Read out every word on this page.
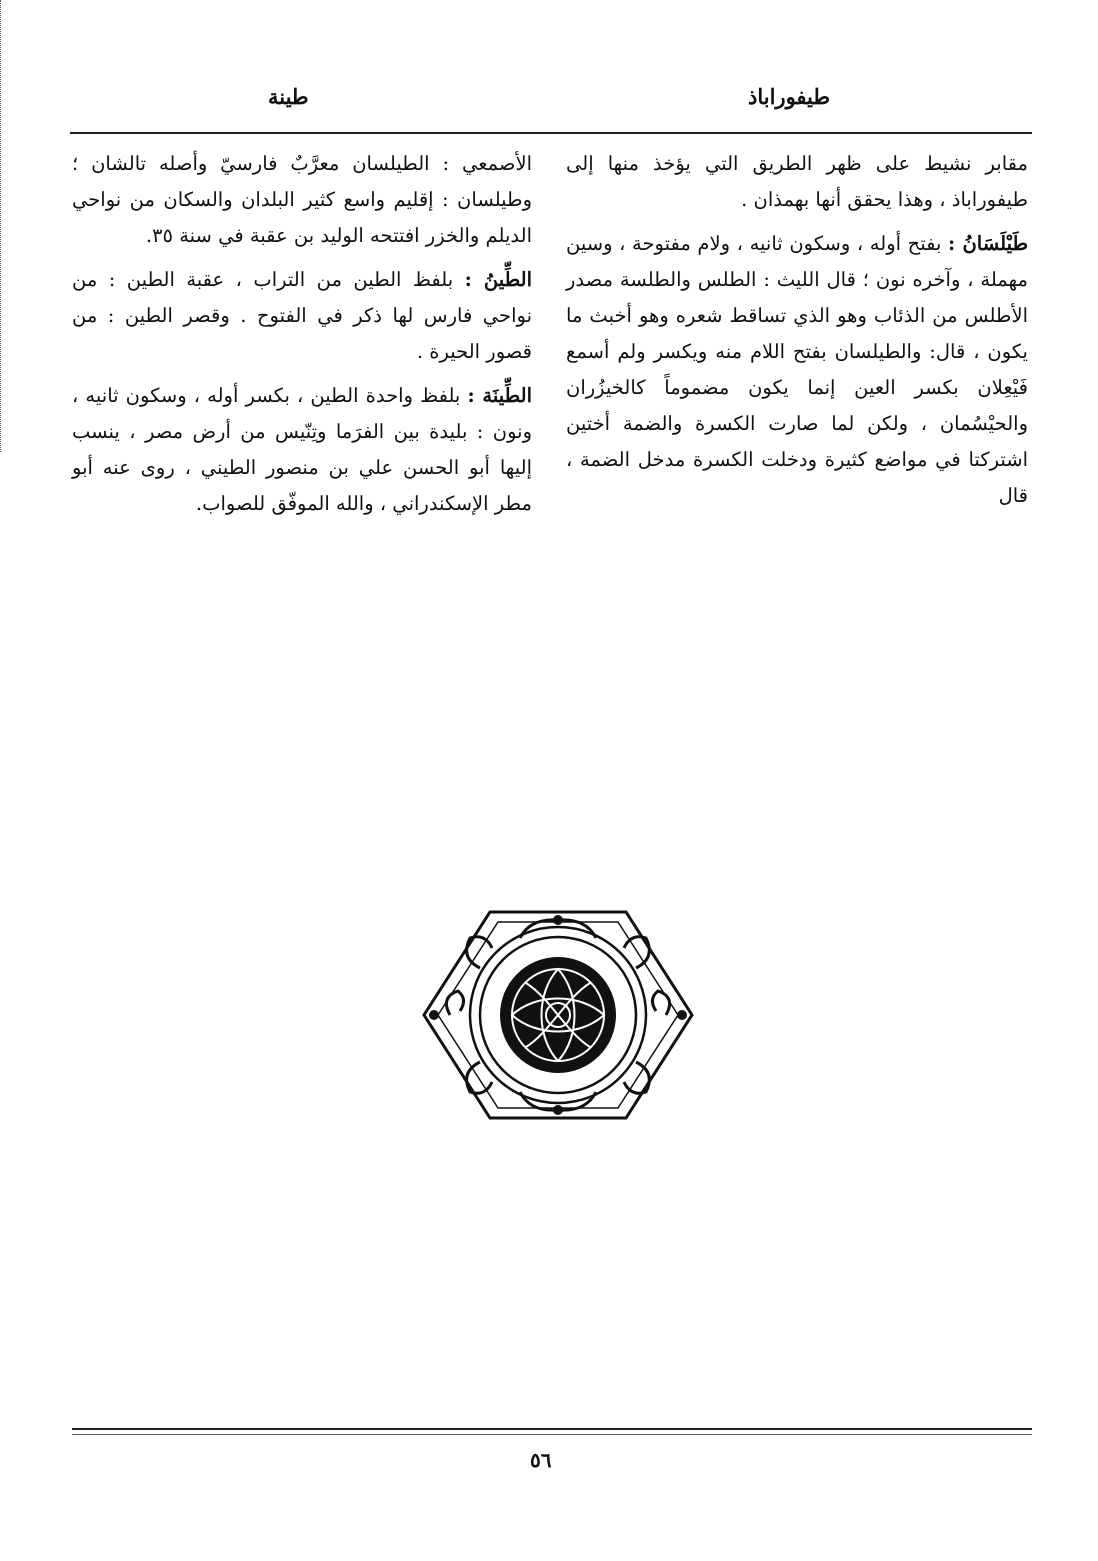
طيفوراباذ
طينة

مقابر نشيط على ظهر الطريق التي يؤخذ منها إلى طيفوراباذ ، وهذا يحقق أنها بهمذان .

طَيْلَسَانُ : بفتح أوله ، وسكون ثانيه ، ولام مفتوحة ، وسين مهملة ، وآخره نون ؛ قال الليث : الطلس والطلسة مصدر الأطلس من الذئاب وهو الذي تساقط شعره وهو أخبث ما يكون ، قال: والطيلسان بفتح اللام منه ويكسر ولم أسمع فَيْعِلان بكسر العين إنما يكون مضموماً كالخيزُران والحيْسُمان ، ولكن لما صارت الكسرة والضمة أختين اشتركتا في مواضع كثيرة ودخلت الكسرة مدخل الضمة ، قال

الأصمعي : الطيلسان معرَّبٌ فارسيّ وأصله تالشان ؛ وطيلسان : إقليم واسع كثير البلدان والسكان من نواحي الديلم والخزر افتتحه الوليد بن عقبة في سنة ٣٥.

الطِّينُ : بلفظ الطين من التراب ، عقبة الطين : من نواحي فارس لها ذكر في الفتوح . وقصر الطين : من قصور الحيرة .

الطِّينَة : بلفظ واحدة الطين ، بكسر أوله ، وسكون ثانيه ، ونون : بليدة بين الفرَما وتِنّيس من أرض مصر ، ينسب إليها أبو الحسن علي بن منصور الطيني ، روى عنه أبو مطر الإسكندراني ، والله الموفّق للصواب.

٥٦
